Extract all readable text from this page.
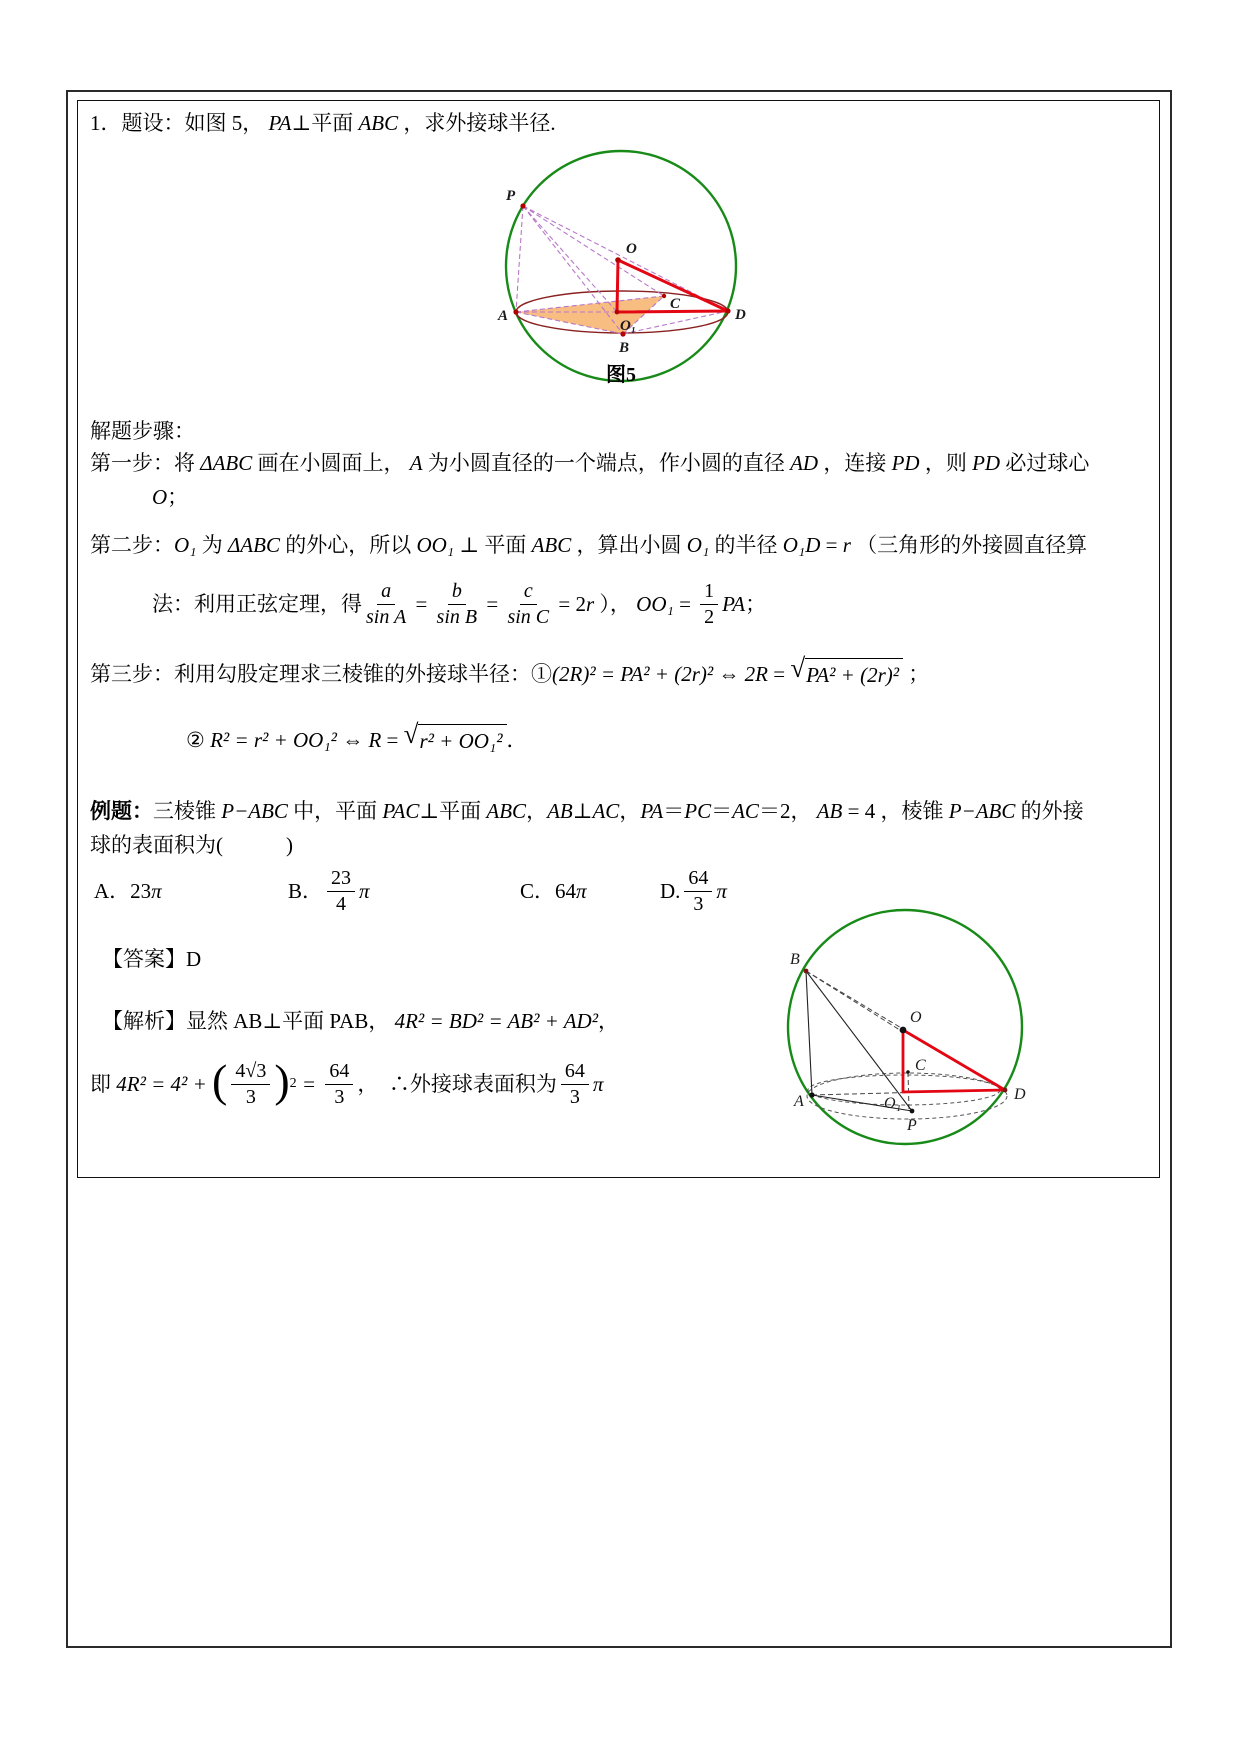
1．题设：如图 5， PA⊥平面 ABC ，求外接球半径.
P
O
A
B
C
D
O₁
图5
解题步骤：
第一步：将 ΔABC 画在小圆面上， A 为小圆直径的一个端点，作小圆的直径 AD ，连接 PD ，则 PD 必过球心
O；
第二步：O₁ 为 ΔABC 的外心，所以 OO₁ ⊥ 平面 ABC ，算出小圆 O₁ 的半径 O₁D = r （三角形的外接圆直径算
法：利用正弦定理，得 $\frac{a}{\text{sin A}} = \frac{b}{\text{sin B}} = \frac{c}{\text{sin C}} = 2$ r ）， $OO_1 = \frac{1}{2}$ PA ；
第三步：利用勾股定理求三棱锥的外接球半径：① (2R)² = PA² + (2r)² ⇔ 2R = √ PA² + (2r)² ；
② R² = r² + OO₁² ⇔ R = √ r² + OO₁² ．
例题：三棱锥 P−ABC 中，平面 PAC⊥平面 ABC，AB⊥AC，PA＝PC＝AC＝2， AB = 4 ，棱锥 P−ABC 的外接
球的表面积为(　　　)
A．23 π	B． $\frac{23}{4}$ π	C．64 π	D. $\frac{64}{3}$ π
【答案】D
【解析】显然 AB⊥平面 PAB， 4R² = BD² = AB² + AD²，
即 4R² = 4² + ( $\frac{4√3}{3}$ ) $2 = \frac{64}{3}$ ，  ∴外接球表面积为 $\frac{64}{3}$ π
B
A
O
C
O₁
D
P
